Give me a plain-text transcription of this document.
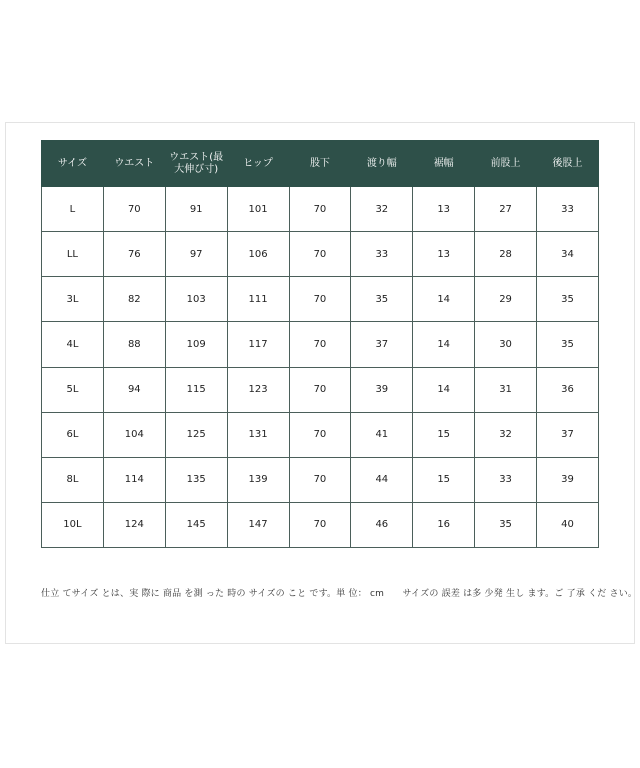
サイズ	ウエスト	ウエスト(最
大伸び寸)	ヒップ	股下	渡り幅	裾幅	前股上	後股上
L	70	91	101	70	32	13	27	33
LL	76	97	106	70	33	13	28	34
3L	82	103	111	70	35	14	29	35
4L	88	109	117	70	37	14	30	35
5L	94	115	123	70	39	14	31	36
6L	104	125	131	70	41	15	32	37
8L	114	135	139	70	44	15	33	39
10L	124	145	147	70	46	16	35	40
仕立 てサイズ とは、実 際に 商品 を測 った 時の サイズの こと です。単 位： cm　　サイズの 誤差 は多 少発 生し ます。ご 了承 くだ さい。
